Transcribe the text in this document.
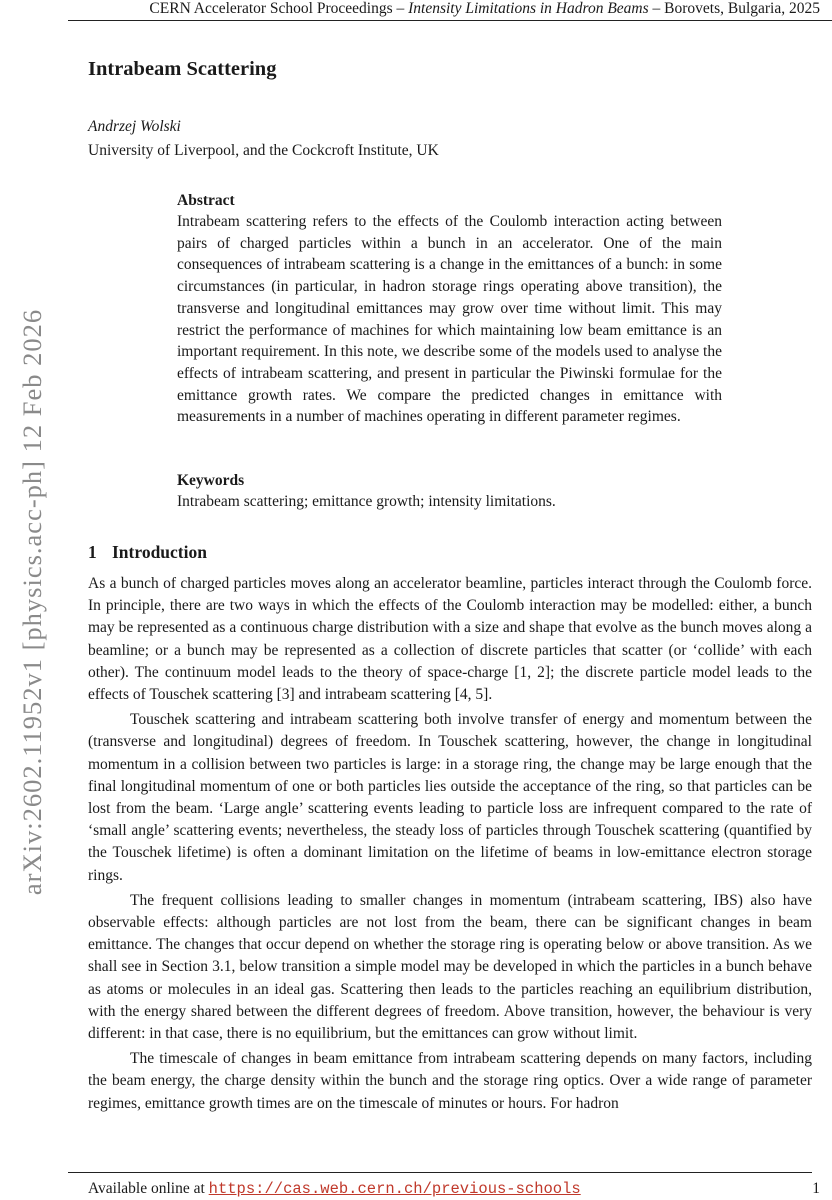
CERN Accelerator School Proceedings – Intensity Limitations in Hadron Beams – Borovets, Bulgaria, 2025
arXiv:2602.11952v1 [physics.acc-ph] 12 Feb 2026
Intrabeam Scattering
Andrzej Wolski
University of Liverpool, and the Cockcroft Institute, UK
Abstract
Intrabeam scattering refers to the effects of the Coulomb interaction acting between pairs of charged particles within a bunch in an accelerator. One of the main consequences of intrabeam scattering is a change in the emittances of a bunch: in some circumstances (in particular, in hadron storage rings operating above transition), the transverse and longitudinal emittances may grow over time without limit. This may restrict the performance of machines for which maintaining low beam emittance is an important requirement. In this note, we describe some of the models used to analyse the effects of intrabeam scattering, and present in particular the Piwinski formulae for the emittance growth rates. We compare the predicted changes in emittance with measurements in a number of machines operating in different parameter regimes.
Keywords
Intrabeam scattering; emittance growth; intensity limitations.
1 Introduction

As a bunch of charged particles moves along an accelerator beamline, particles interact through the Coulomb force. In principle, there are two ways in which the effects of the Coulomb interaction may be modelled: either, a bunch may be represented as a continuous charge distribution with a size and shape that evolve as the bunch moves along a beamline; or a bunch may be represented as a collection of discrete particles that scatter (or ‘collide’ with each other). The continuum model leads to the theory of space-charge [1, 2]; the discrete particle model leads to the effects of Touschek scattering [3] and intrabeam scattering [4, 5].

Touschek scattering and intrabeam scattering both involve transfer of energy and momentum between the (transverse and longitudinal) degrees of freedom. In Touschek scattering, however, the change in longitudinal momentum in a collision between two particles is large: in a storage ring, the change may be large enough that the final longitudinal momentum of one or both particles lies outside the acceptance of the ring, so that particles can be lost from the beam. ‘Large angle’ scattering events leading to particle loss are infrequent compared to the rate of ‘small angle’ scattering events; nevertheless, the steady loss of particles through Touschek scattering (quantified by the Touschek lifetime) is often a dominant limitation on the lifetime of beams in low-emittance electron storage rings.

The frequent collisions leading to smaller changes in momentum (intrabeam scattering, IBS) also have observable effects: although particles are not lost from the beam, there can be significant changes in beam emittance. The changes that occur depend on whether the storage ring is operating below or above transition. As we shall see in Section 3.1, below transition a simple model may be developed in which the particles in a bunch behave as atoms or molecules in an ideal gas. Scattering then leads to the particles reaching an equilibrium distribution, with the energy shared between the different degrees of freedom. Above transition, however, the behaviour is very different: in that case, there is no equilibrium, but the emittances can grow without limit.

The timescale of changes in beam emittance from intrabeam scattering depends on many factors, including the beam energy, the charge density within the bunch and the storage ring optics. Over a wide range of parameter regimes, emittance growth times are on the timescale of minutes or hours. For hadron

Available online at https://cas.web.cern.ch/previous-schools	1
